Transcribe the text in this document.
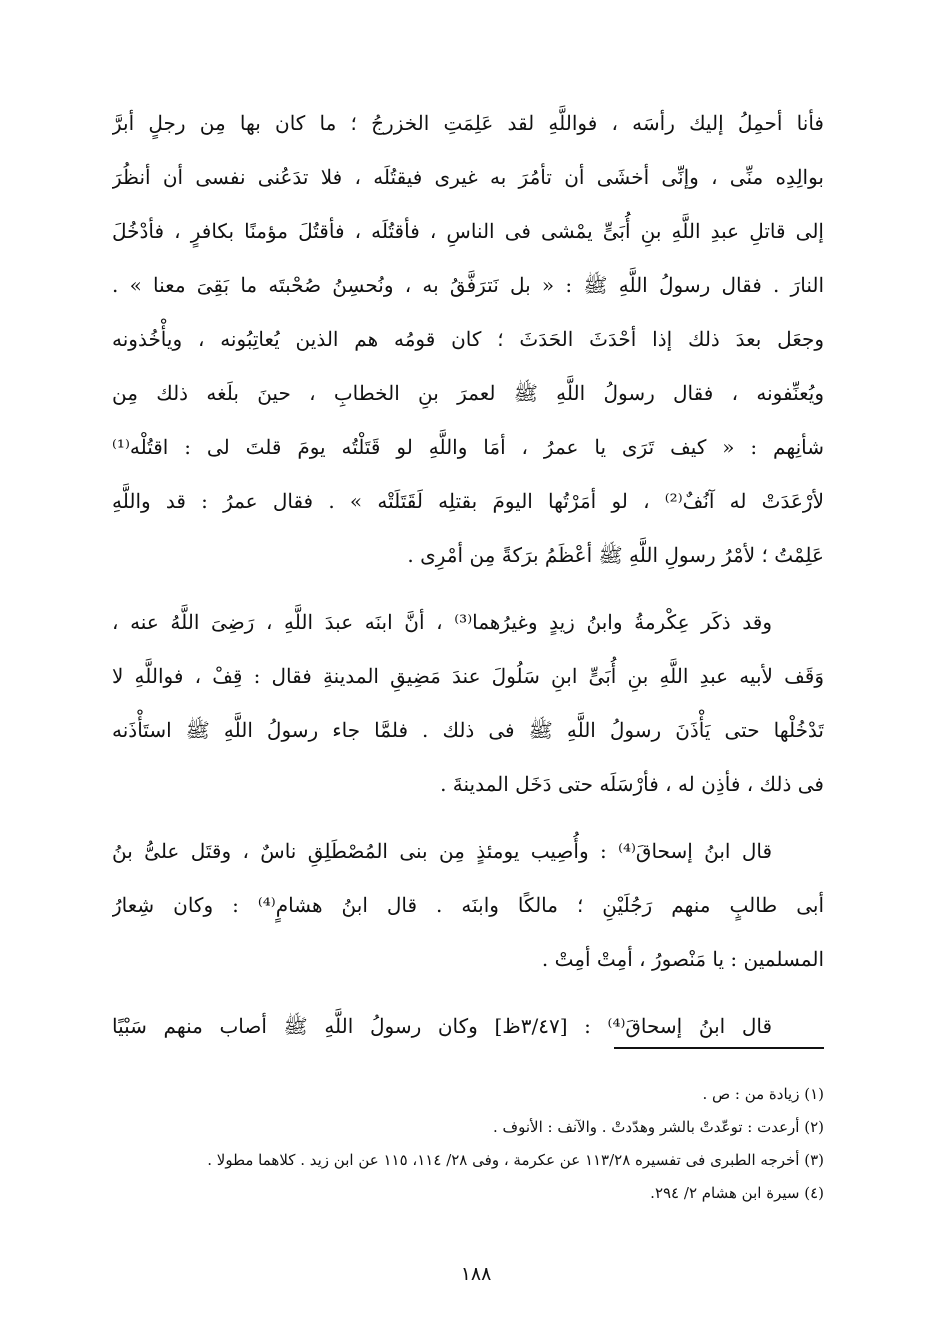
فأنا أحمِلُ إليك رأسَه ، فواللَّهِ لقد عَلِمَتِ الخزرجُ ؛ ما كان بها مِن رجلٍ أبرَّ
بوالِدِه منِّى ، وإنِّى أخشَى أن تأمُرَ به غيرى فيقتُلَه ، فلا تدَعُنى نفسى أن أنظُرَ
إلى قاتلِ عبدِ اللَّهِ بنِ أُبَىٍّ يمْشى فى الناسِ ، فأقتُلَه ، فأقتُلَ مؤمنًا بكافرٍ ، فأدْخُلَ
النارَ . فقال رسولُ اللَّهِ ﷺ : « بل نَترَفَّقُ به ، ونُحسِنُ صُحْبتَه ما بَقِىَ معنا » .
وجعَل بعدَ ذلك إذا أحْدَثَ الحَدَثَ ؛ كان قومُه هم الذين يُعاتِبُونه ، ويأْخُذونه
ويُعنِّفونه ، فقال رسولُ اللَّهِ ﷺ لعمرَ بنِ الخطابِ ، حينَ بلَغه ذلك مِن
شأنِهم : « كيف تَرَى يا عمرُ ، أمَا واللَّهِ لو قَتَلْتُه يومَ قلتَ لى : اقتُلْه⁽¹⁾
لأرْعَدَتْ له آنُفٌ⁽²⁾ ، لو أمَرْتُها اليومَ بقتلِه لَقَتَلَتْه » . فقال عمرُ : قد واللَّهِ
عَلِمْتُ ؛ لأمْرُ رسولِ اللَّهِ ﷺ أعْظَمُ برَكةً مِن أمْرِى .
وقد ذكَر عِكْرمةُ وابنُ زيدٍ وغيرُهما⁽³⁾ ، أنَّ ابنَه عبدَ اللَّهِ ، رَضِىَ اللَّهُ عنه ،
وَقَف لأبيه عبدِ اللَّهِ بنِ أُبَىٍّ ابنِ سَلُولَ عندَ مَضِيقِ المدينةِ فقال : قِفْ ، فواللَّهِ لا
تَدْخُلْها حتى يَأْذَنَ رسولُ اللَّهِ ﷺ فى ذلك . فلمَّا جاء رسولُ اللَّهِ ﷺ استَأْذَنه
فى ذلك ، فأذِن له ، فأرْسَلَه حتى دَخَل المدينةَ .
قال ابنُ إسحاقَ⁽⁴⁾ : وأُصِيب يومئذٍ مِن بنى المُصْطَلِقِ ناسٌ ، وقتَل علىُّ بنُ
أبى طالبٍ منهم رَجُلَيْنِ ؛ مالكًا وابنَه . قال ابنُ هشامٍ⁽⁴⁾ : وكان شِعارُ
المسلمين : يا مَنْصورُ ، أمِتْ أمِتْ .
قال ابنُ إسحاقَ⁽⁴⁾ : [٣/٤٧ظ] وكان رسولُ اللَّهِ ﷺ أصاب منهم سَبْيًا
(١) زيادة من : ص .
(٢) أرعدت : توعّدتْ بالشر وهدّدتْ . والآنف : الأنوف .
(٣) أخرجه الطبرى فى تفسيره ١١٣/٢٨ عن عكرمة ، وفى ٢٨/ ١١٤، ١١٥ عن ابن زيد . كلاهما مطولا .
(٤) سيرة ابن هشام ٢/ ٢٩٤.
١٨٨
